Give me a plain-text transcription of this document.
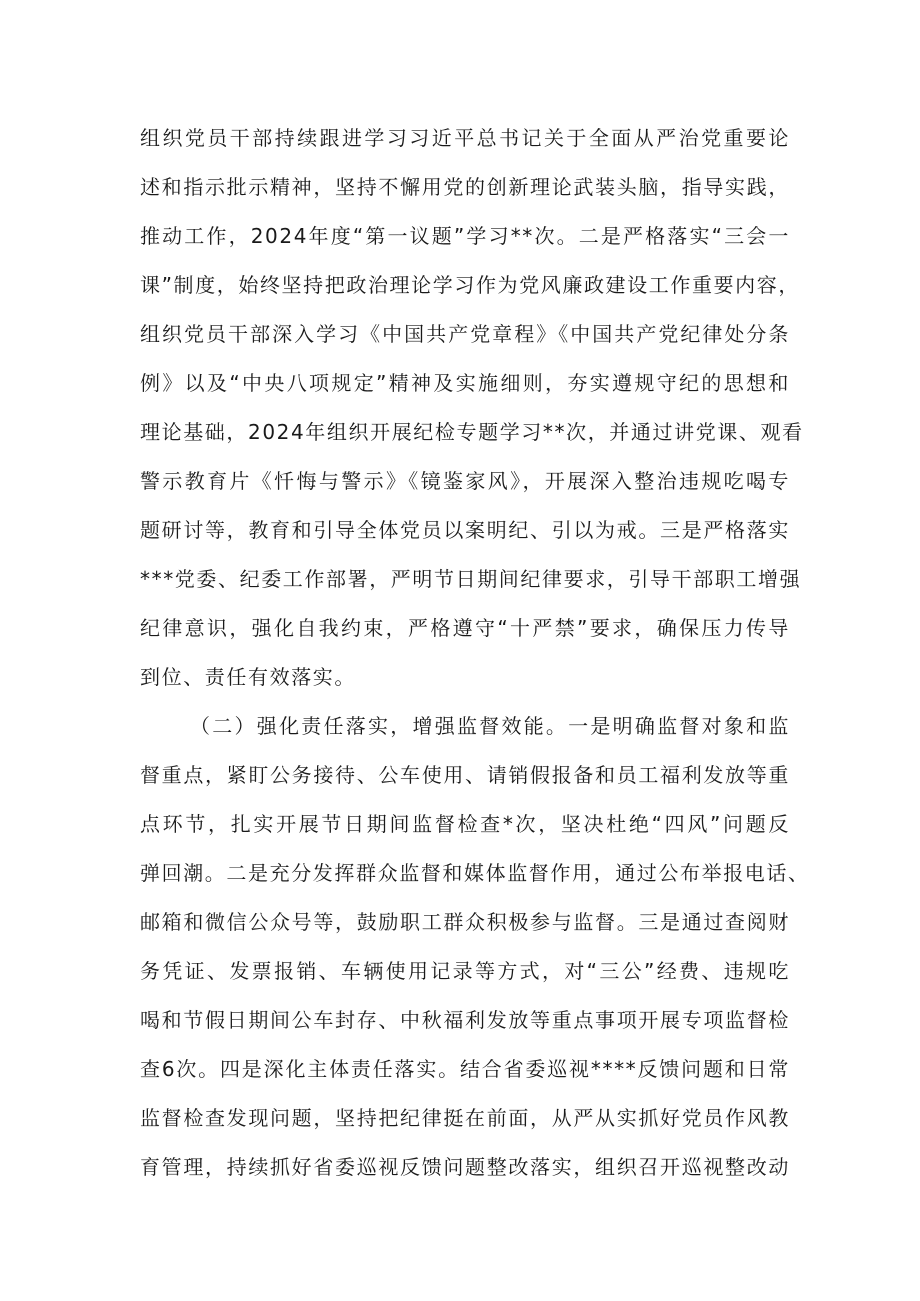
组织党员干部持续跟进学习习近平总书记关于全面从严治党重要论
述和指示批示精神，坚持不懈用党的创新理论武装头脑，指导实践，
推动工作，2024年度“第一议题”学习**次。二是严格落实“三会一
课”制度，始终坚持把政治理论学习作为党风廉政建设工作重要内容，
组织党员干部深入学习《中国共产党章程》《中国共产党纪律处分条
例》以及“中央八项规定”精神及实施细则，夯实遵规守纪的思想和
理论基础，2024年组织开展纪检专题学习**次，并通过讲党课、观看
警示教育片《忏悔与警示》《镜鉴家风》，开展深入整治违规吃喝专
题研讨等，教育和引导全体党员以案明纪、引以为戒。三是严格落实
***党委、纪委工作部署，严明节日期间纪律要求，引导干部职工增强
纪律意识，强化自我约束，严格遵守“十严禁”要求，确保压力传导
到位、责任有效落实。
（二）强化责任落实，增强监督效能。一是明确监督对象和监
督重点，紧盯公务接待、公车使用、请销假报备和员工福利发放等重
点环节，扎实开展节日期间监督检查*次，坚决杜绝“四风”问题反
弹回潮。二是充分发挥群众监督和媒体监督作用，通过公布举报电话、
邮箱和微信公众号等，鼓励职工群众积极参与监督。三是通过查阅财
务凭证、发票报销、车辆使用记录等方式，对“三公”经费、违规吃
喝和节假日期间公车封存、中秋福利发放等重点事项开展专项监督检
查6次。四是深化主体责任落实。结合省委巡视****反馈问题和日常
监督检查发现问题，坚持把纪律挺在前面，从严从实抓好党员作风教
育管理，持续抓好省委巡视反馈问题整改落实，组织召开巡视整改动
